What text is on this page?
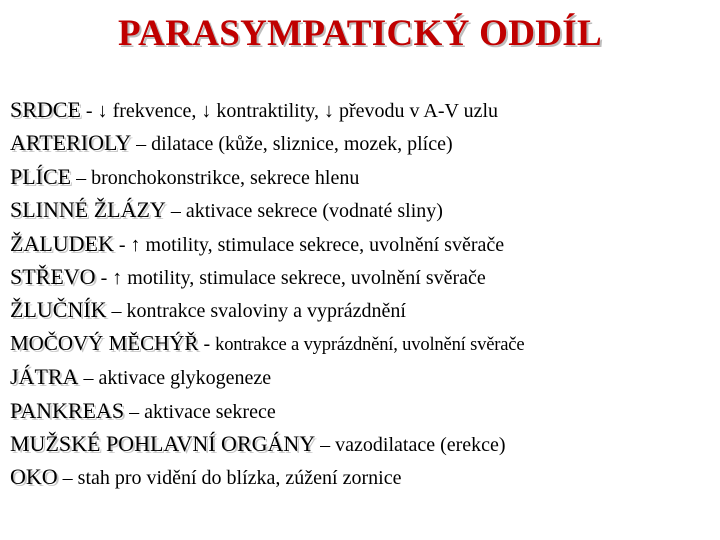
PARASYMPATICKÝ ODDÍL
SRDCE - ↓ frekvence, ↓ kontraktility, ↓ převodu v A-V uzlu
ARTERIOLY – dilatace (kůže, sliznice, mozek, plíce)
PLÍCE – bronchokonstrikce, sekrece hlenu
SLINNÉ ŽLÁZY – aktivace sekrece (vodnaté sliny)
ŽALUDEK - ↑ motility, stimulace sekrece, uvolnění svěrače
STŘEVO - ↑ motility, stimulace sekrece, uvolnění svěrače
ŽLUČNÍK – kontrakce svaloviny a vyprázdnění
MOČOVÝ MĚCHÝŘ - kontrakce a vyprázdnění, uvolnění svěrače
JÁTRA – aktivace glykogeneze
PANKREAS – aktivace sekrece
MUŽSKÉ POHLAVNÍ ORGÁNY – vazodilatace (erekce)
OKO – stah pro vidění do blízka, zúžení zornice
